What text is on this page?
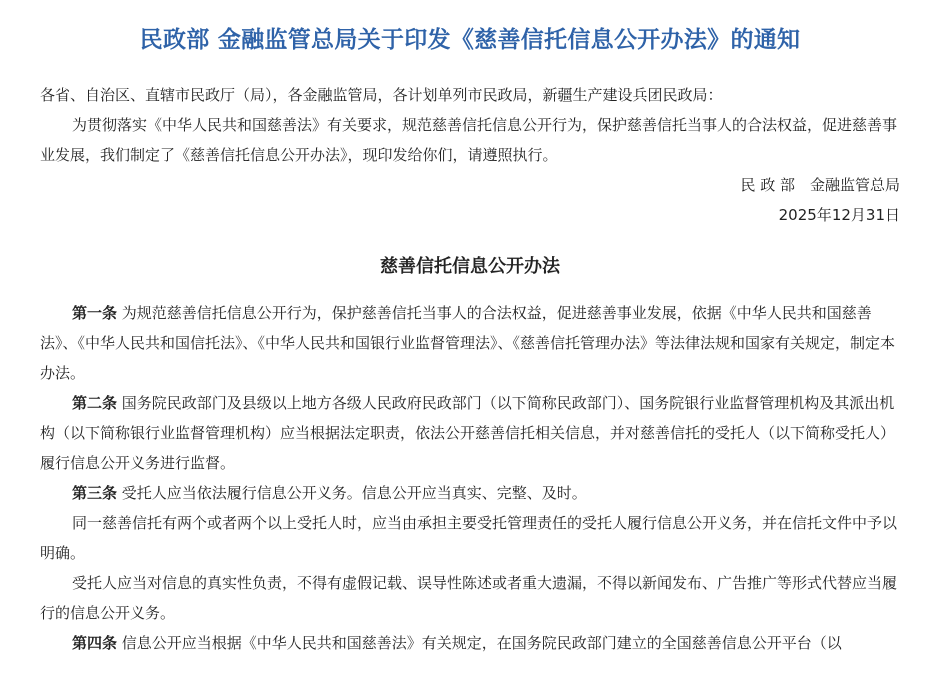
民政部 金融监管总局关于印发《慈善信托信息公开办法》的通知

各省、自治区、直辖市民政厅（局），各金融监管局，各计划单列市民政局，新疆生产建设兵团民政局：

为贯彻落实《中华人民共和国慈善法》有关要求，规范慈善信托信息公开行为，保护慈善信托当事人的合法权益，促进慈善事业发展，我们制定了《慈善信托信息公开办法》，现印发给你们，请遵照执行。

民 政 部　金融监管总局

2025年12月31日

慈善信托信息公开办法

第一条 为规范慈善信托信息公开行为，保护慈善信托当事人的合法权益，促进慈善事业发展，依据《中华人民共和国慈善法》、《中华人民共和国信托法》、《中华人民共和国银行业监督管理法》、《慈善信托管理办法》等法律法规和国家有关规定，制定本办法。

第二条 国务院民政部门及县级以上地方各级人民政府民政部门（以下简称民政部门）、国务院银行业监督管理机构及其派出机构（以下简称银行业监督管理机构）应当根据法定职责，依法公开慈善信托相关信息，并对慈善信托的受托人（以下简称受托人）履行信息公开义务进行监督。

第三条 受托人应当依法履行信息公开义务。信息公开应当真实、完整、及时。

同一慈善信托有两个或者两个以上受托人时，应当由承担主要受托管理责任的受托人履行信息公开义务，并在信托文件中予以明确。

受托人应当对信息的真实性负责，不得有虚假记载、误导性陈述或者重大遗漏，不得以新闻发布、广告推广等形式代替应当履行的信息公开义务。

第四条 信息公开应当根据《中华人民共和国慈善法》有关规定，在国务院民政部门建立的全国慈善信息公开平台（以
